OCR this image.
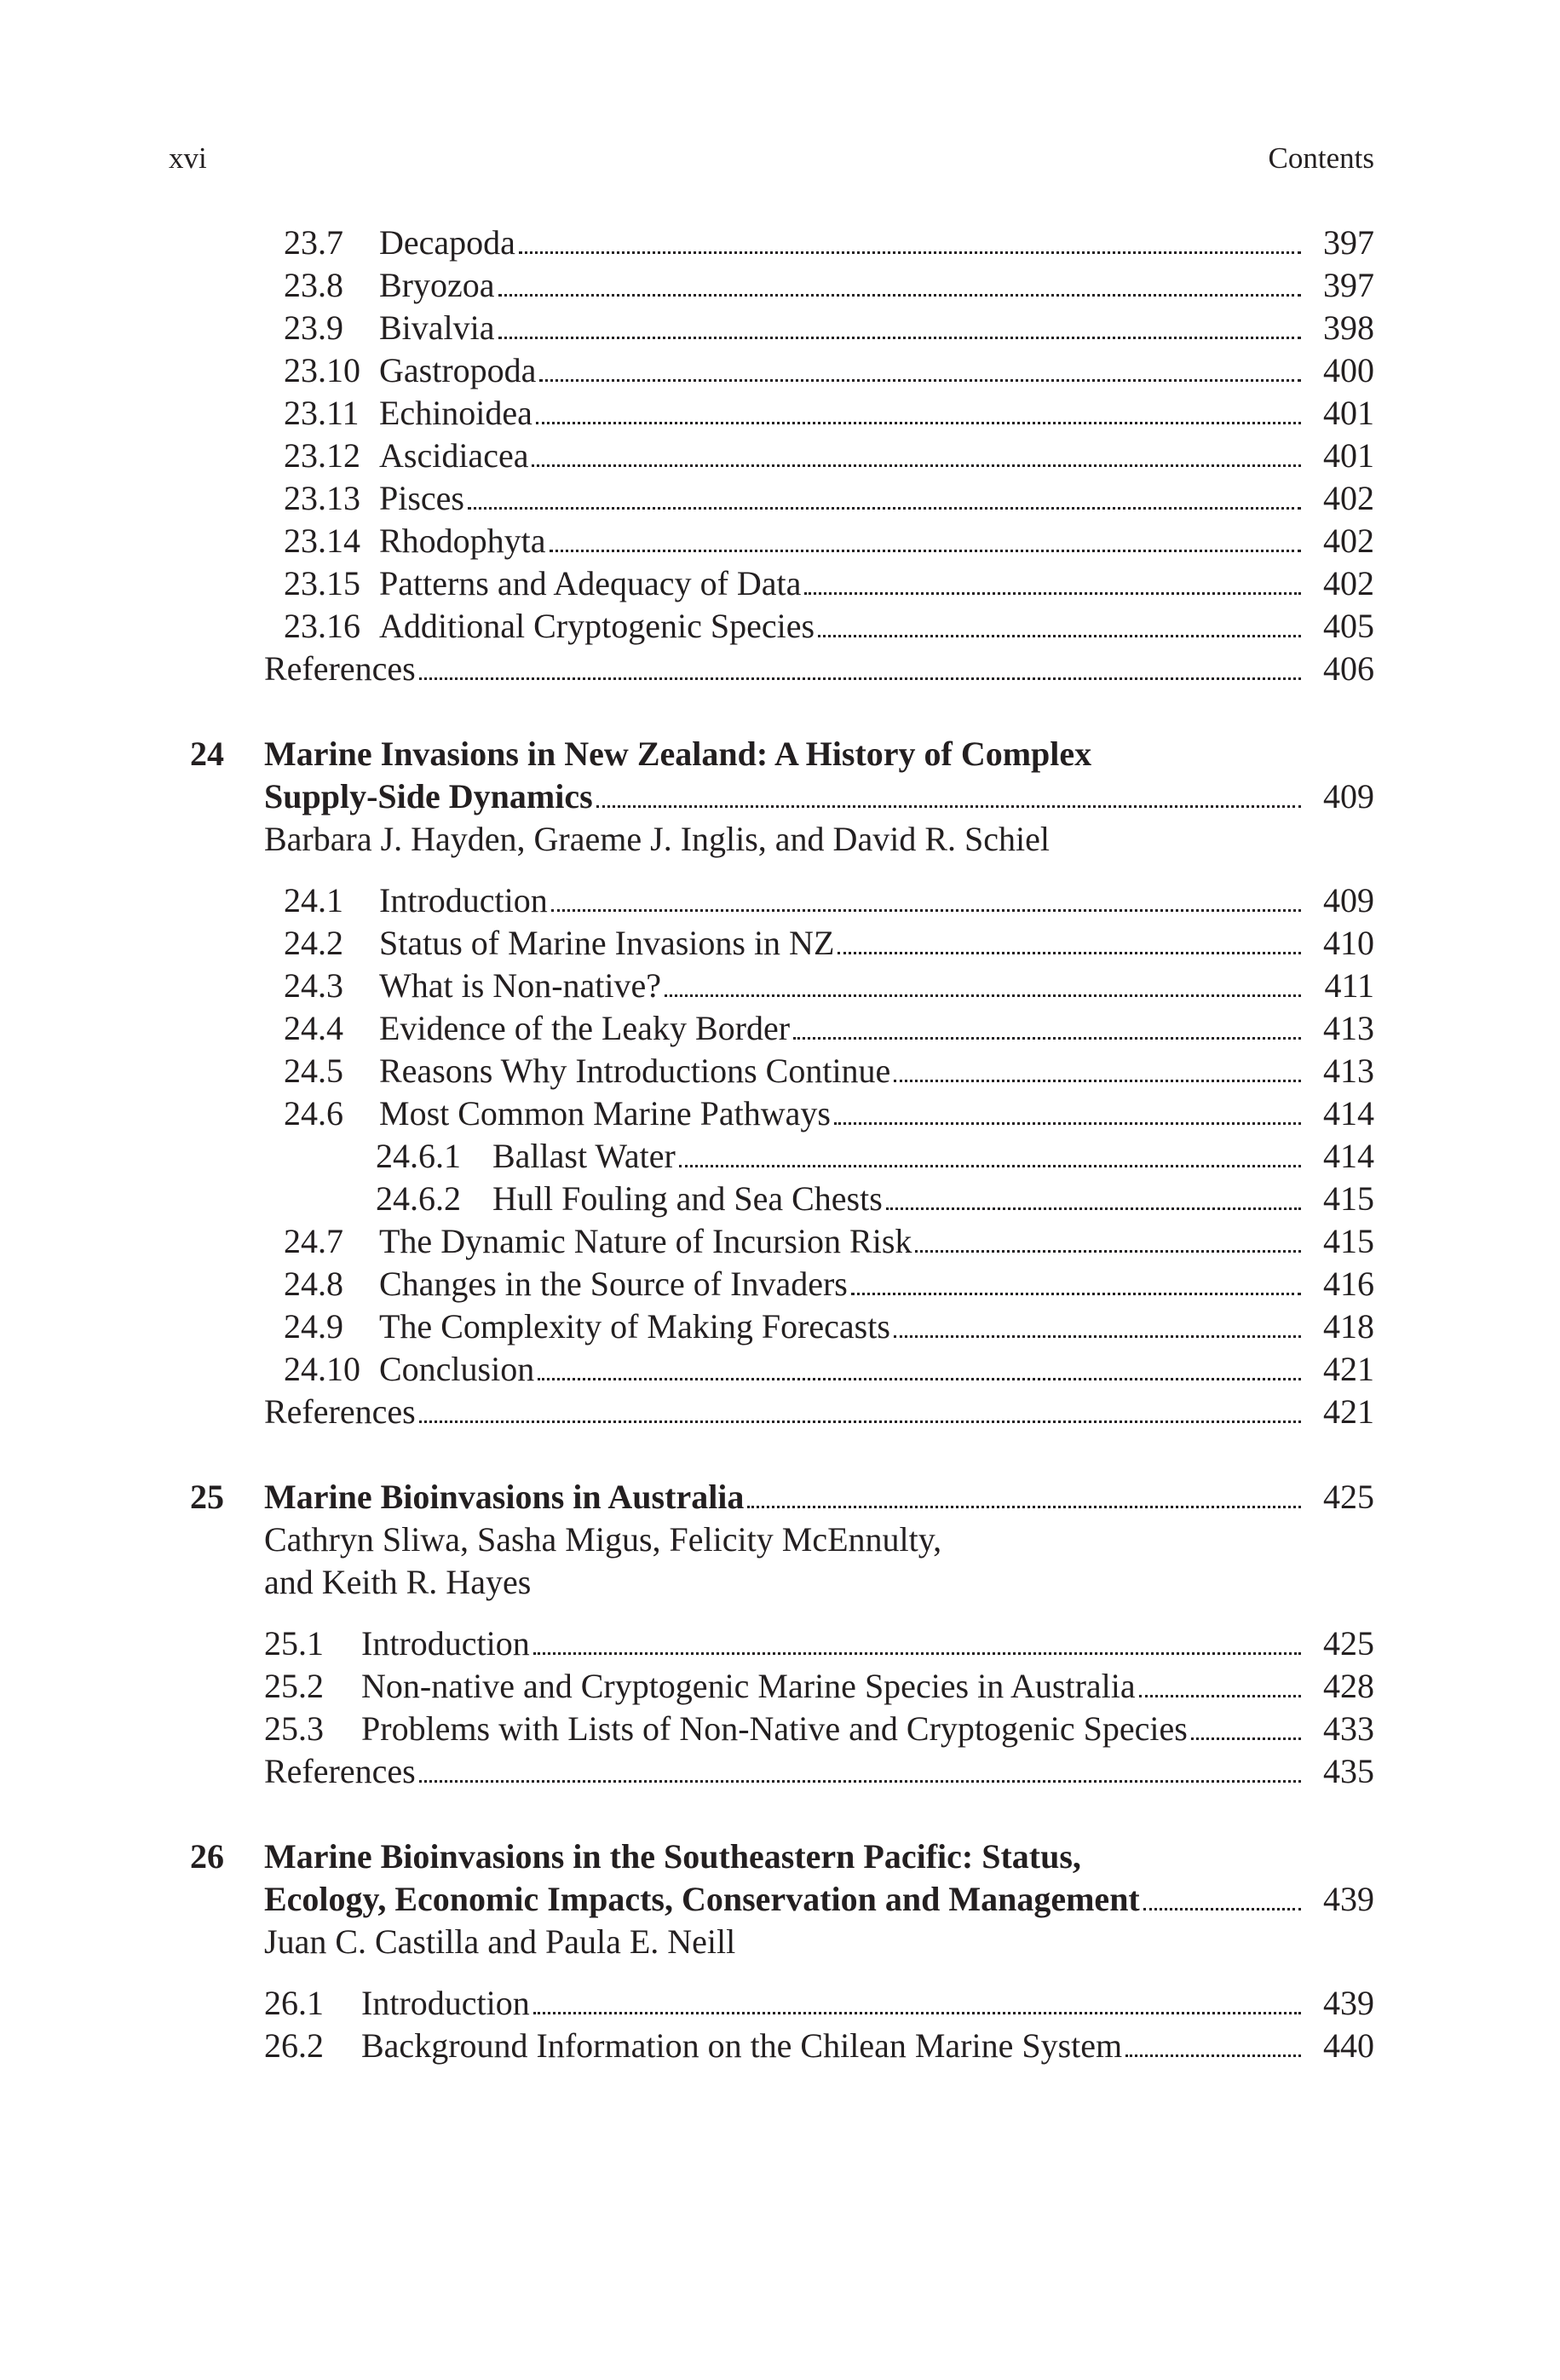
xvi	Contents
23.7 Decapoda	397
23.8 Bryozoa	397
23.9 Bivalvia	398
23.10 Gastropoda	400
23.11 Echinoidea	401
23.12 Ascidiacea	401
23.13 Pisces	402
23.14 Rhodophyta	402
23.15 Patterns and Adequacy of Data	402
23.16 Additional Cryptogenic Species	405
References	406
24 Marine Invasions in New Zealand: A History of Complex
Supply-Side Dynamics	409
Barbara J. Hayden, Graeme J. Inglis, and David R. Schiel
24.1 Introduction	409
24.2 Status of Marine Invasions in NZ	410
24.3 What is Non-native?	411
24.4 Evidence of the Leaky Border	413
24.5 Reasons Why Introductions Continue	413
24.6 Most Common Marine Pathways	414
24.6.1 Ballast Water	414
24.6.2 Hull Fouling and Sea Chests	415
24.7 The Dynamic Nature of Incursion Risk	415
24.8 Changes in the Source of Invaders	416
24.9 The Complexity of Making Forecasts	418
24.10 Conclusion	421
References	421
25 Marine Bioinvasions in Australia	425
Cathryn Sliwa, Sasha Migus, Felicity McEnnulty,
and Keith R. Hayes
25.1 Introduction	425
25.2 Non-native and Cryptogenic Marine Species in Australia	428
25.3 Problems with Lists of Non-Native and Cryptogenic Species	433
References	435
26 Marine Bioinvasions in the Southeastern Pacific: Status,
Ecology, Economic Impacts, Conservation and Management	439
Juan C. Castilla and Paula E. Neill
26.1 Introduction	439
26.2 Background Information on the Chilean Marine System	440
